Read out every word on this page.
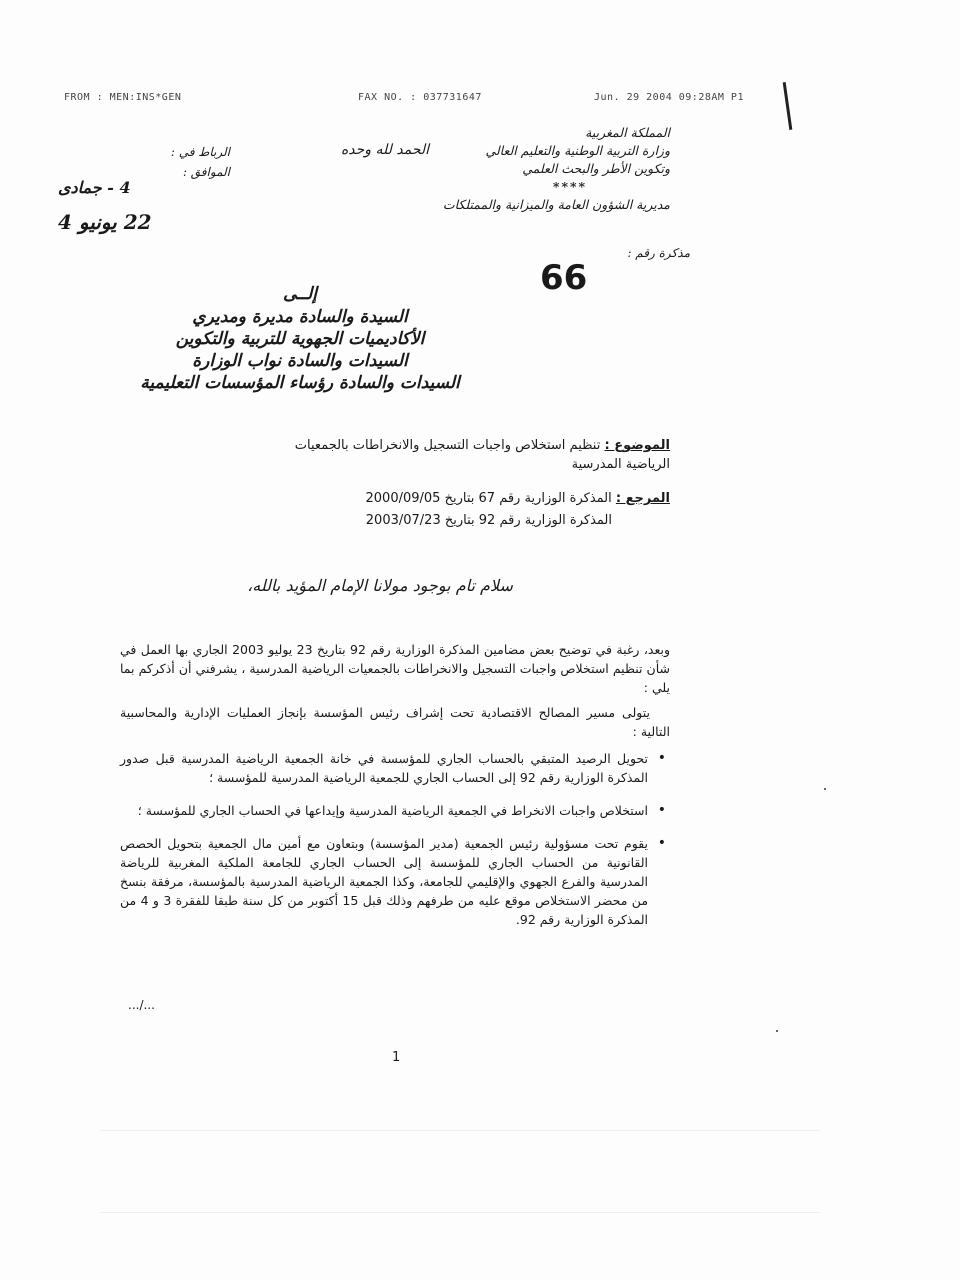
FROM : MEN:INS*GEN	FAX NO. : 037731647	Jun. 29 2004 09:28AM P1
المملكة المغربية
وزارة التربية الوطنية والتعليم العالي
وتكوين الأطر والبحث العلمي
****
مديرية الشؤون العامة والميزانية والممتلكات
الحمد لله وحده
الرباط في :
الموافق :
4 - جمادى
22 يونيو 4
مذكرة رقم :
66
إلــى
السيدة والسادة مديرة ومديري
الأكاديميات الجهوية للتربية والتكوين
السيدات والسادة نواب الوزارة
السيدات والسادة رؤساء المؤسسات التعليمية
الموضوع : تنظيم استخلاص واجبات التسجيل والانخراطات بالجمعيات الرياضية المدرسية
المرجع : المذكرة الوزارية رقم 67 بتاريخ 2000/09/05
المذكرة الوزارية رقم 92 بتاريخ 2003/07/23
سلام تام بوجود مولانا الإمام المؤيد بالله،

وبعد، رغبة في توضيح بعض مضامين المذكرة الوزارية رقم 92 بتاريخ 23 يوليو 2003 الجاري بها العمل في شأن تنظيم استخلاص واجبات التسجيل والانخراطات بالجمعيات الرياضية المدرسية ، يشرفني أن أذكركم بما يلي :

يتولى مسير المصالح الاقتصادية تحت إشراف رئيس المؤسسة بإنجاز العمليات الإدارية والمحاسبية التالية :

• تحويل الرصيد المتبقي بالحساب الجاري للمؤسسة في خانة الجمعية الرياضية المدرسية قبل صدور المذكرة الوزارية رقم 92 إلى الحساب الجاري للجمعية الرياضية المدرسية للمؤسسة ؛
• استخلاص واجبات الانخراط في الجمعية الرياضية المدرسية وإيداعها في الحساب الجاري للمؤسسة ؛
• يقوم تحت مسؤولية رئيس الجمعية (مدير المؤسسة) وبتعاون مع أمين مال الجمعية بتحويل الحصص القانونية من الحساب الجاري للمؤسسة إلى الحساب الجاري للجامعة الملكية المغربية للرياضة المدرسية والفرع الجهوي والإقليمي للجامعة، وكذا الجمعية الرياضية المدرسية بالمؤسسة، مرفقة بنسخ من محضر الاستخلاص موقع عليه من طرفهم وذلك قبل 15 أكتوبر من كل سنة طبقا للفقرة 3 و 4 من المذكرة الوزارية رقم 92.
.../...
1
